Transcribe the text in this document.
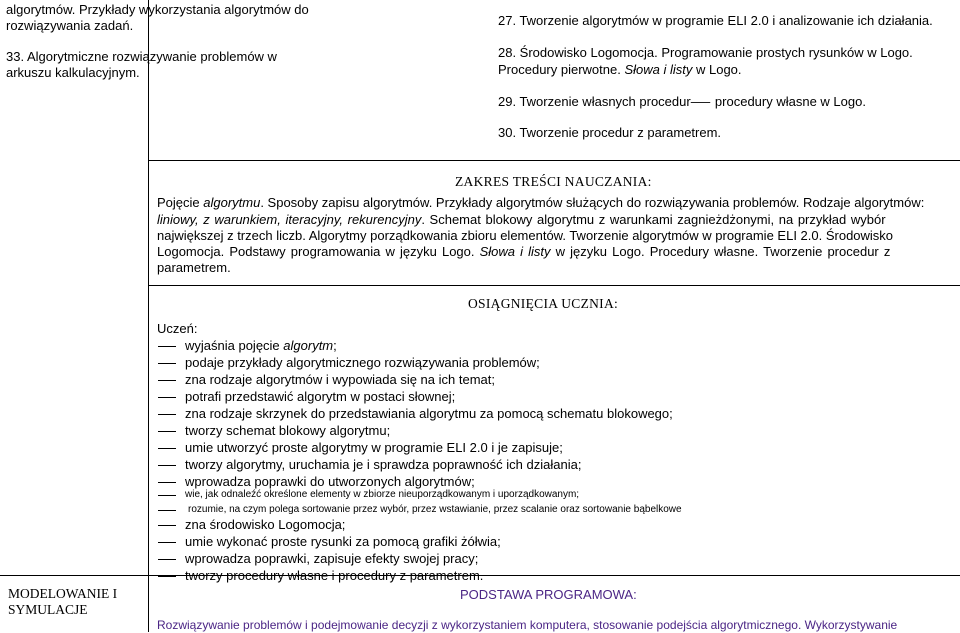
algorytmów. Przykłady wykorzystania algorytmów do
rozwiązywania zadań.
33. Algorytmiczne rozwiązywanie problemów w
arkuszu kalkulacyjnym.
27. Tworzenie algorytmów w programie ELI 2.0 i analizowanie ich działania.
28. Środowisko Logomocja. Programowanie prostych rysunków w Logo.
Procedury pierwotne. Słowa i listy w Logo.
29. Tworzenie własnych procedur — procedury własne w Logo.
30. Tworzenie procedur z parametrem.
ZAKRES TREŚCI NAUCZANIA:
Pojęcie algorytmu. Sposoby zapisu algorytmów. Przykłady algorytmów służących do rozwiązywania problemów. Rodzaje algorytmów:
liniowy, z warunkiem, iteracyjny, rekurencyjny. Schemat blokowy algorytmu z warunkami zagnieżdżonymi, na przykład wybór
największej z trzech liczb. Algorytmy porządkowania zbioru elementów. Tworzenie algorytmów w programie ELI 2.0. Środowisko
Logomocja. Podstawy programowania w języku Logo. Słowa i listy w języku Logo. Procedury własne. Tworzenie procedur z
parametrem.
OSIĄGNIĘCIA UCZNIA:
Uczeń:
wyjaśnia pojęcie algorytm;
podaje przykłady algorytmicznego rozwiązywania problemów;
zna rodzaje algorytmów i wypowiada się na ich temat;
potrafi przedstawić algorytm w postaci słownej;
zna rodzaje skrzynek do przedstawiania algorytmu za pomocą schematu blokowego;
tworzy schemat blokowy algorytmu;
umie utworzyć proste algorytmy w programie ELI 2.0 i je zapisuje;
tworzy algorytmy, uruchamia je i sprawdza poprawność ich działania;
wprowadza poprawki do utworzonych algorytmów;
wie, jak odnaleźć określone elementy w zbiorze nieuporządkowanym i uporządkowanym;
rozumie, na czym polega sortowanie przez wybór, przez wstawianie, przez scalanie oraz sortowanie bąbelkowe
zna środowisko Logomocja;
umie wykonać proste rysunki za pomocą grafiki żółwia;
wprowadza poprawki, zapisuje efekty swojej pracy;
tworzy procedury własne i procedury z parametrem.
MODELOWANIE I
SYMULACJE
PODSTAWA PROGRAMOWA:
Rozwiązywanie problemów i podejmowanie decyzji z wykorzystaniem komputera, stosowanie podejścia algorytmicznego. Wykorzystywanie
